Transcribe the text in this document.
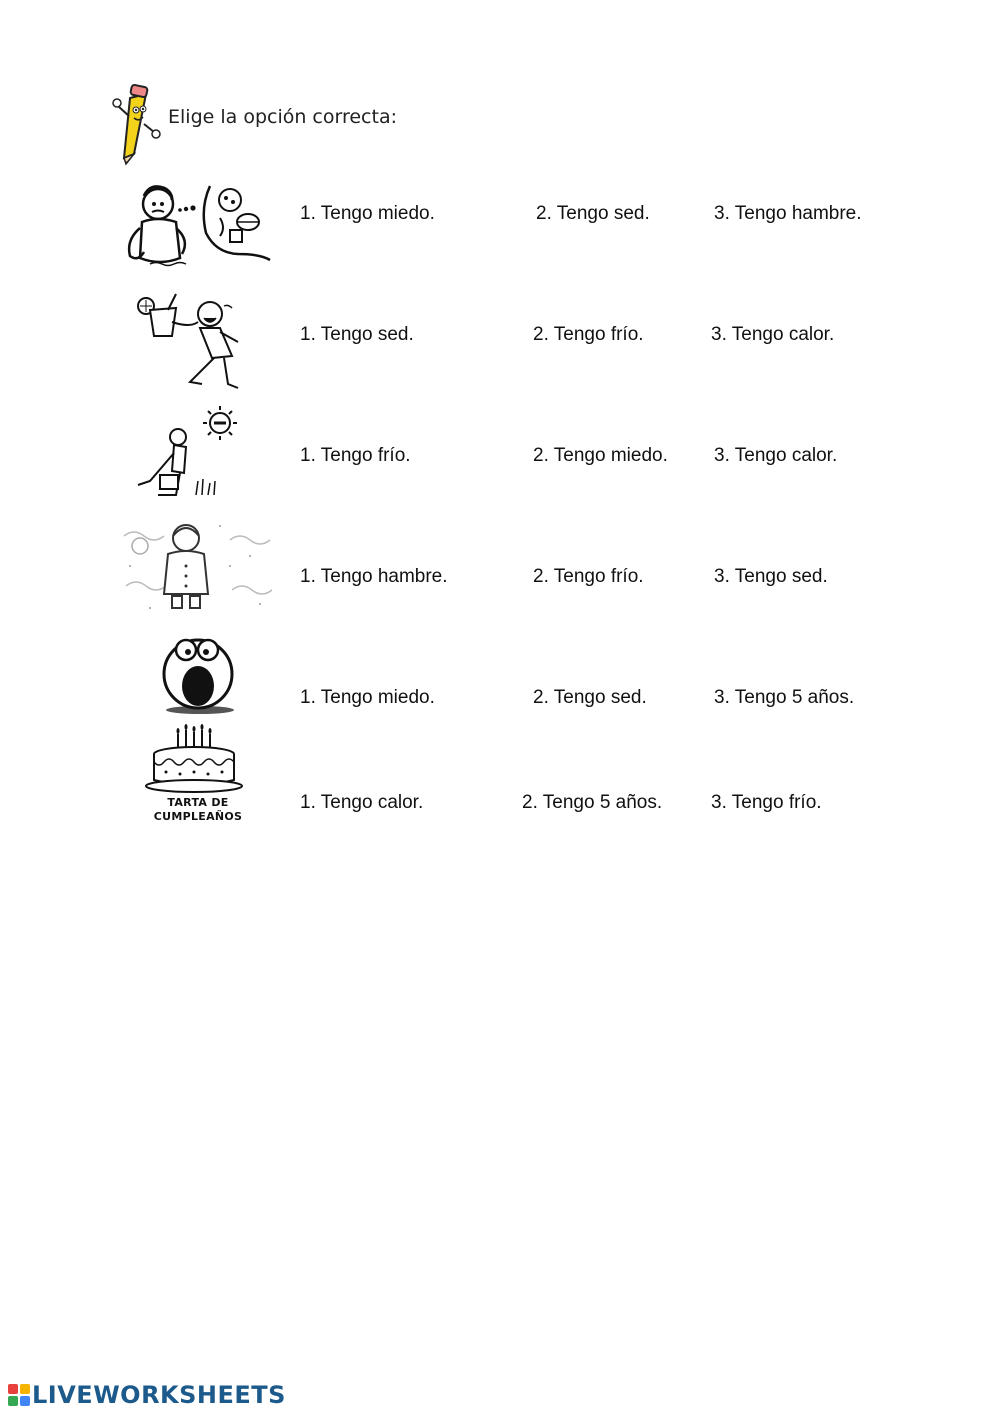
Elige la opción correcta:
1. Tengo miedo.	2. Tengo sed.	3. Tengo hambre.
1. Tengo sed.	2. Tengo frío.	3. Tengo calor.
1. Tengo frío.	2. Tengo miedo. 3. Tengo calor.
1. Tengo hambre.	2. Tengo frío.	3. Tengo sed.
1. Tengo miedo.	2. Tengo sed.	3. Tengo 5 años.
TARTA DE CUMPLEAÑOS
1. Tengo calor.	2. Tengo 5 años.	3. Tengo frío.
LIVEWORKSHEETS
